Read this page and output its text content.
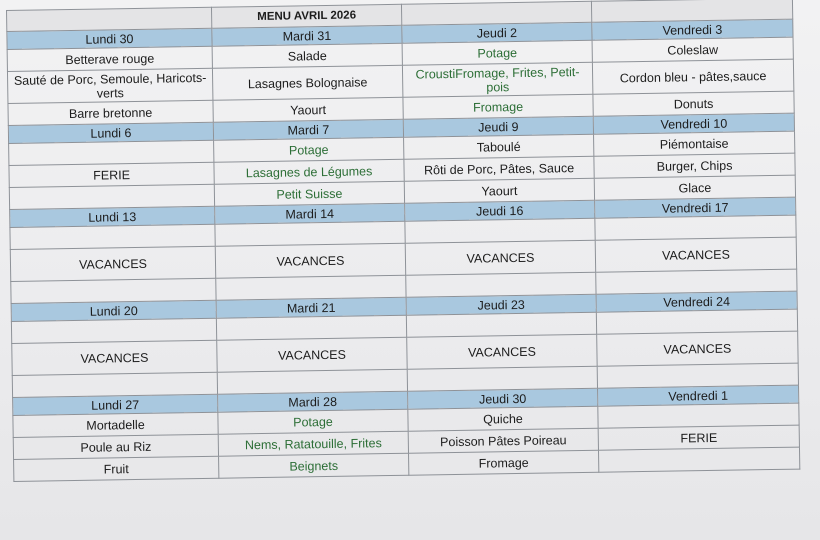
	MENU AVRIL 2026		
Lundi 30	Mardi 31	Jeudi 2	Vendredi 3
Betterave rouge	Salade	Potage	Coleslaw
Sauté de Porc, Semoule, Haricots-verts	Lasagnes Bolognaise	CroustiFromage, Frites, Petit-pois	Cordon bleu - pâtes,sauce
Barre bretonne	Yaourt	Fromage	Donuts
Lundi 6	Mardi 7	Jeudi 9	Vendredi 10
	Potage	Taboulé	Piémontaise
FERIE	Lasagnes de Légumes	Rôti de Porc, Pâtes, Sauce	Burger, Chips
	Petit Suisse	Yaourt	Glace
Lundi 13	Mardi 14	Jeudi 16	Vendredi 17

VACANCES	VACANCES	VACANCES	VACANCES

Lundi 20	Mardi 21	Jeudi 23	Vendredi 24

VACANCES	VACANCES	VACANCES	VACANCES

Lundi 27	Mardi 28	Jeudi 30	Vendredi 1
Mortadelle	Potage	Quiche	
Poule au Riz	Nems, Ratatouille, Frites	Poisson Pâtes Poireau	FERIE
Fruit	Beignets	Fromage	
